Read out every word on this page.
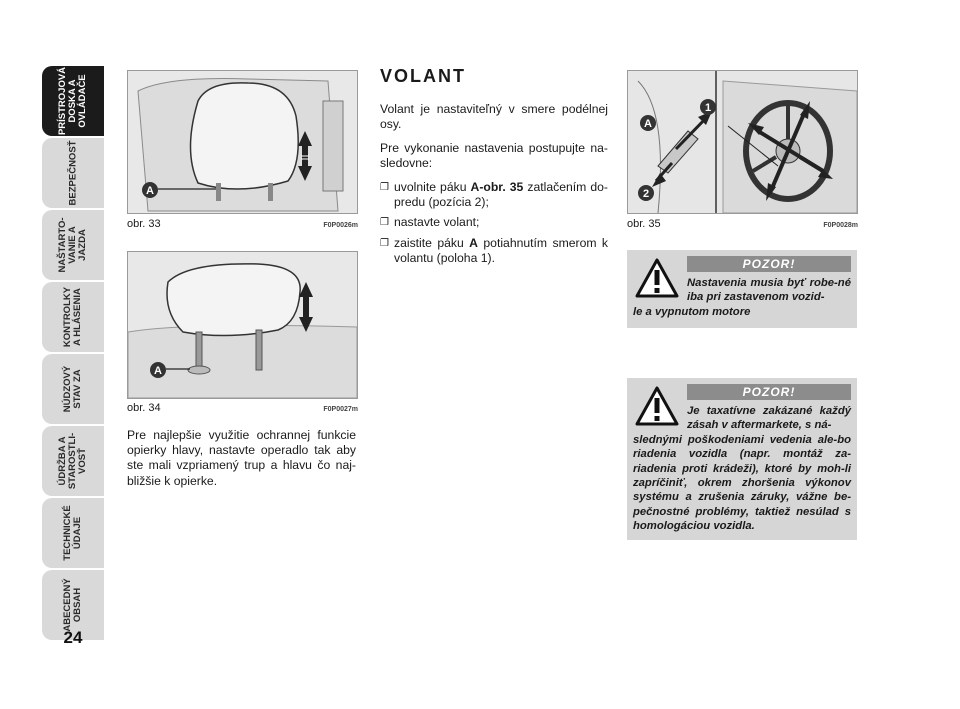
PRÍSTROJOVÁ
DOSKA A
OVLÁDAČE
BEZPEČNOSŤ
NAŠTARTO-
VANIE A
JAZDA
KONTROLKY
A HLÁSENIA
NÚDZOVÝ
STAV ZA
ÚDRŽBA A
STAROSTLI-
VOSŤ
TECHNICKÉ
ÚDAJE
ABECEDNÝ
OBSAH
24
A
obr. 33	F0P0026m
A
obr. 34	F0P0027m

Pre najlepšie využitie ochrannej funkcie opierky hlavy, nastavte operadlo tak aby ste mali vzpriamený trup a hlavu čo naj-bližšie k opierke.

VOLANT

Volant je nastaviteľný v smere podélnej osy.

Pre vykonanie nastavenia postupujte na-sledovne:

❐ uvolnite páku A-obr. 35 zatlačením do-predu (pozícia 2);
❐ nastavte volant;
❐ zaistite páku A potiahnutím smerom k volantu (poloha 1).
A
1
2
obr. 35	F0P0028m
POZOR!
Nastavenia musia byť robe-né iba pri zastavenom vozid-
le a vypnutom motore
POZOR!
Je taxatívne zakázané každý zásah v aftermarkete, s ná-
slednými poškodeniami vedenia ale-bo riadenia vozidla (napr. montáž za-riadenia proti krádeži), ktoré by moh-li zapríčiniť, okrem zhoršenia výkonov systému a zrušenia záruky, vážne be-pečnostné problémy, taktiež nesúlad s homologáciou vozidla.
